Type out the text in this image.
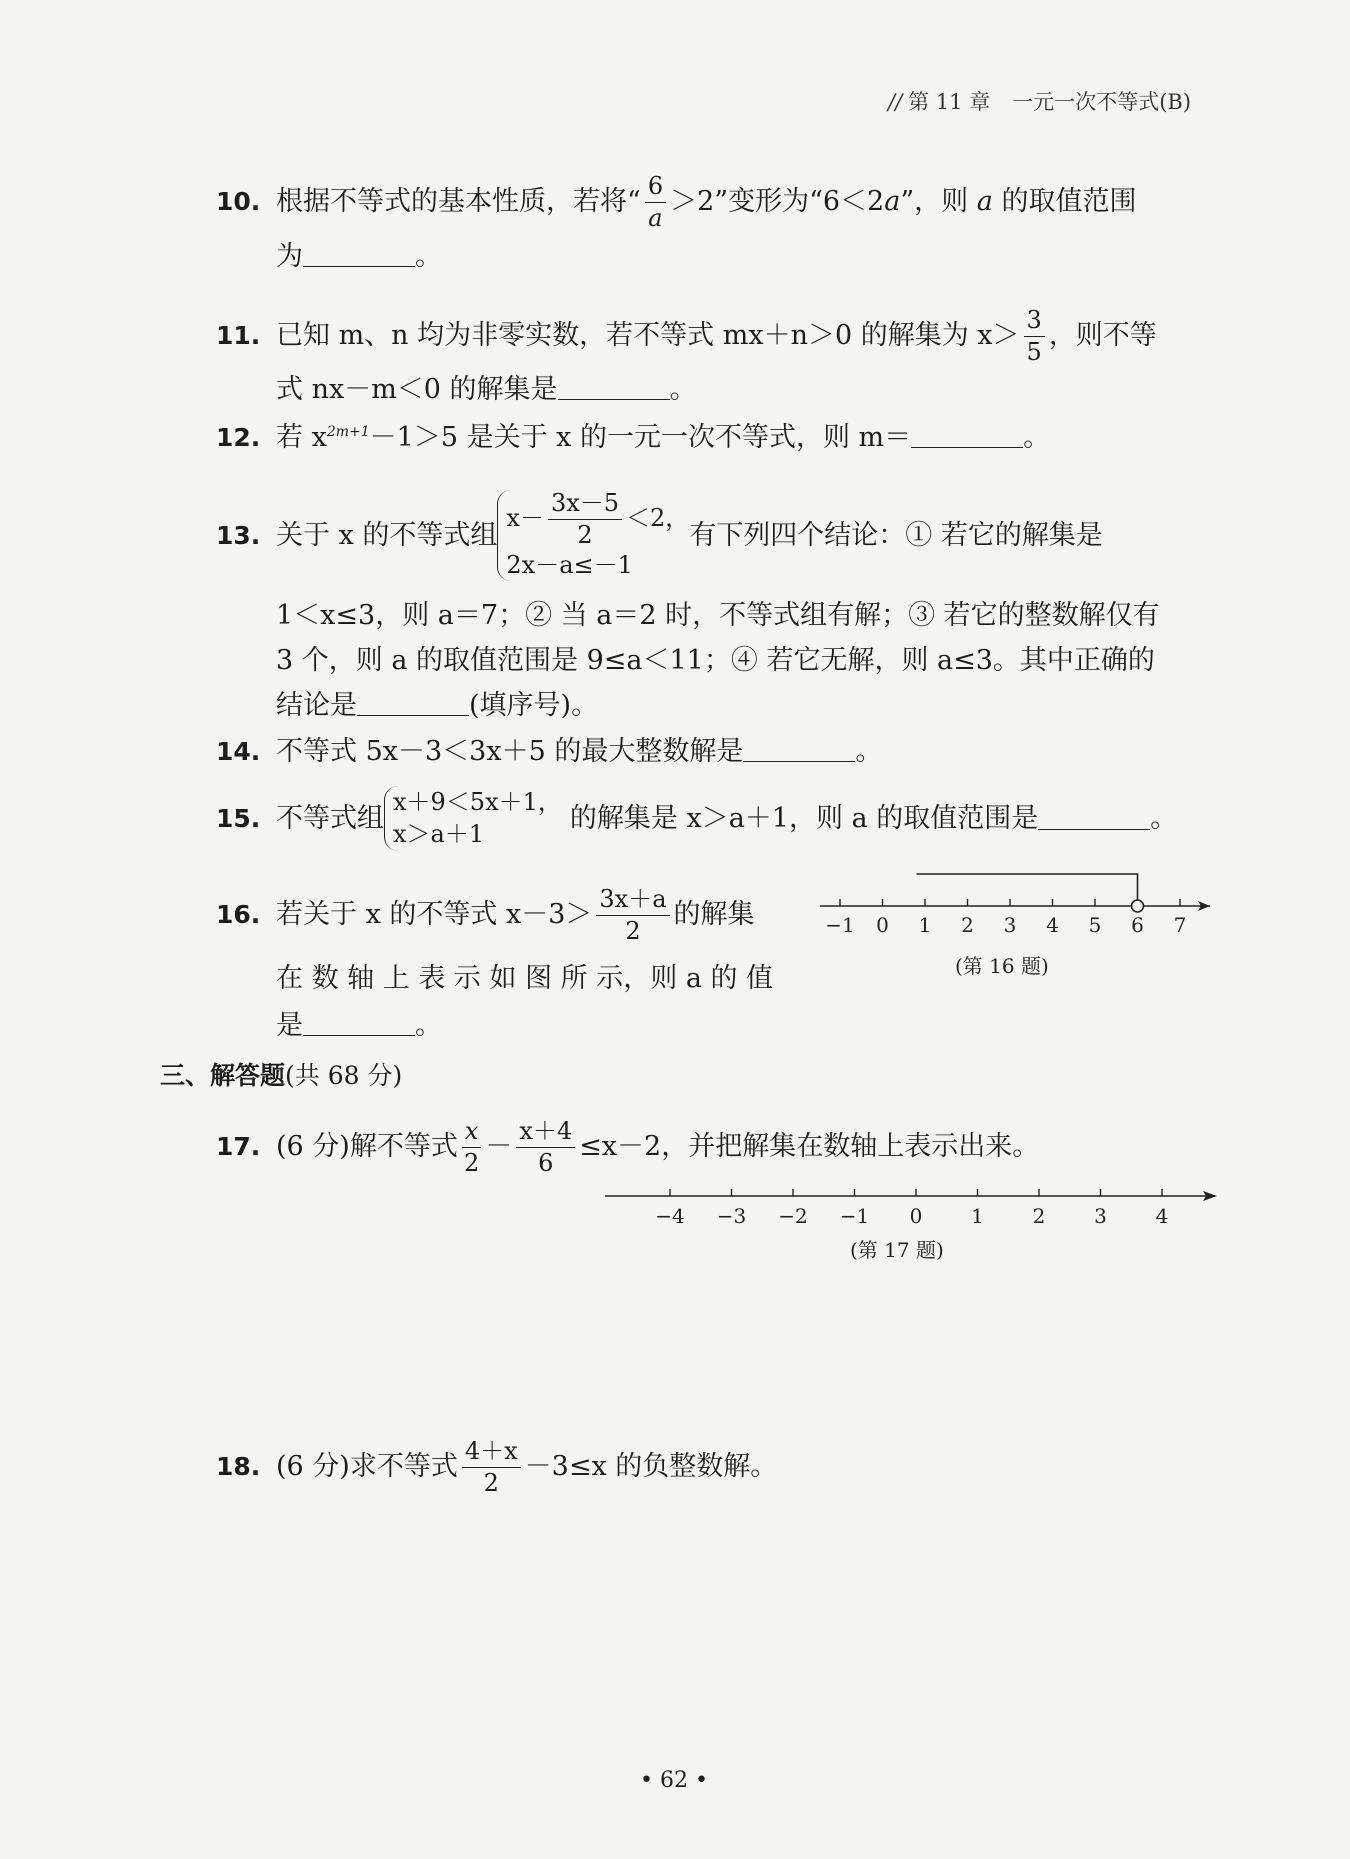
// 第 11 章 一元一次不等式(B)
10. 根据不等式的基本性质，若将“ $\frac{6}{a} >2$”变形为“6＜2a”，则 a 的取值范围
为	。
11. 已知 m、n 均为非零实数，若不等式 mx＋n＞0 的解集为 $x> \frac{3}{5}$ ，则不等
式 nx－m＜0 的解集是	。
12. 若 $x^{2m+1}-1>5$ 是关于 x 的一元一次不等式，则 m＝	。
13. 关于 x 的不等式组
$x- \frac{3x-5}{2} <2$，
2x－a≤－1
有下列四个结论：① 若它的解集是
1＜x≤3，则 a＝7；② 当 a＝2 时，不等式组有解；③ 若它的整数解仅有
3 个，则 a 的取值范围是 9≤a＜11；④ 若它无解，则 a≤3。其中正确的
结论是	(填序号)。
14. 不等式 5x－3＜3x＋5 的最大整数解是	。
15. 不等式组
x＋9＜5x＋1，
x＞a＋1
的解集是 x＞a＋1，则 a 的取值范围是	。
16. 若关于 x 的不等式 $x-3> \frac{3x+a}{2}$ 的解集
在 数 轴 上 表 示 如 图 所 示，则 a 的 值
是	。
−1 0 1 2 3 4 5 6 7
(第 16 题)
三、解答题(共 68 分)
17. (6 分)解不等式 $\frac{x}{2} - \frac{x+4}{6} \le x-2$，并把解集在数轴上表示出来。
−4 −3 −2 −1 0 1 2 3 4
(第 17 题)
18. (6 分)求不等式 $\frac{4+x}{2} -3\le x$ 的负整数解。
• 62 •
